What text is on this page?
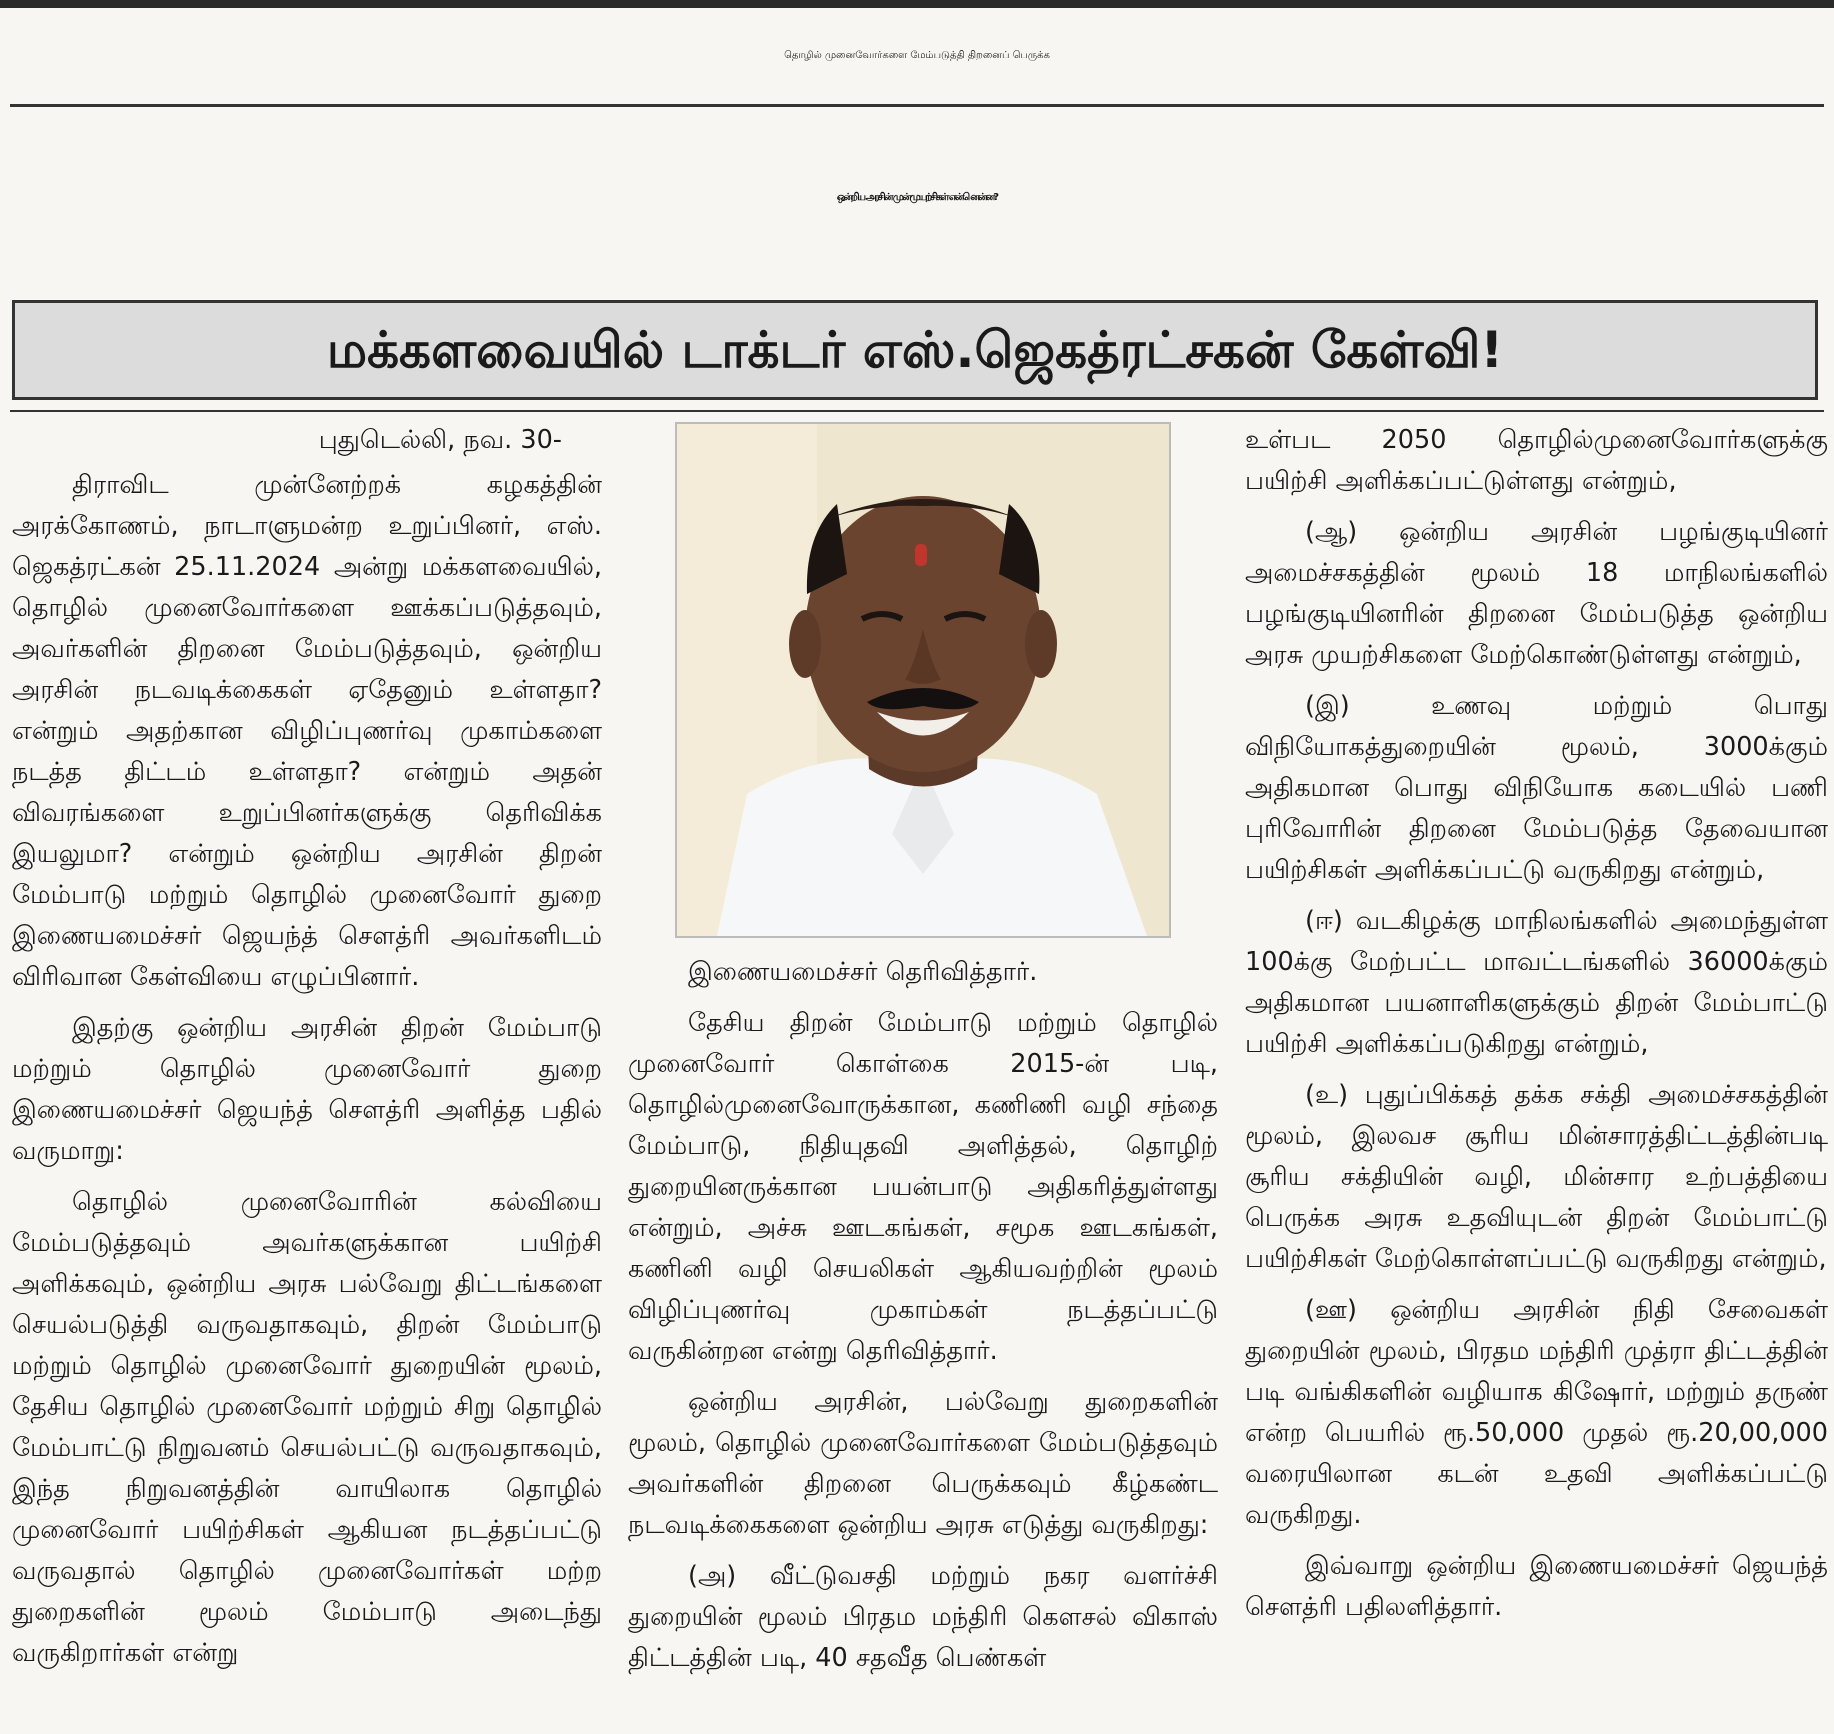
தொழில் முனைவோர்களை மேம்படுத்தி திறனைப் பெருக்க
ஒன்றிய அரசின் முன்முயற்சிகள் என்னென்ன?
மக்களவையில் டாக்டர் எஸ்.ஜெகத்ரட்சகன் கேள்வி!
புதுடெல்லி, நவ. 30-

திராவிட முன்னேற்றக் கழகத்தின் அரக்கோணம், நாடாளுமன்ற உறுப்பினர், எஸ். ஜெகத்ரட்கன் 25.11.2024 அன்று மக்களவையில், தொழில் முனைவோர்களை ஊக்கப்படுத்தவும், அவர்களின் திறனை மேம்படுத்தவும், ஒன்றிய அரசின் நடவடிக்கைகள் ஏதேனும் உள்ளதா? என்றும் அதற்கான விழிப்புணர்வு முகாம்களை நடத்த திட்டம் உள்ளதா? என்றும் அதன் விவரங்களை உறுப்பினர்களுக்கு தெரிவிக்க இயலுமா? என்றும் ஒன்றிய அரசின் திறன் மேம்பாடு மற்றும் தொழில் முனைவோர் துறை இணையமைச்சர் ஜெயந்த் சௌத்ரி அவர்களிடம் விரிவான கேள்வியை எழுப்பினார்.

இதற்கு ஒன்றிய அரசின் திறன் மேம்பாடு மற்றும் தொழில் முனைவோர் துறை இணையமைச்சர் ஜெயந்த் சௌத்ரி அளித்த பதில் வருமாறு:

தொழில் முனைவோரின் கல்வியை மேம்படுத்தவும் அவர்களுக்கான பயிற்சி அளிக்கவும், ஒன்றிய அரசு பல்வேறு திட்டங்களை செயல்படுத்தி வருவதாகவும், திறன் மேம்பாடு மற்றும் தொழில் முனைவோர் துறையின் மூலம், தேசிய தொழில் முனைவோர் மற்றும் சிறு தொழில் மேம்பாட்டு நிறுவனம் செயல்பட்டு வருவதாகவும், இந்த நிறுவனத்தின் வாயிலாக தொழில் முனைவோர் பயிற்சிகள் ஆகியன நடத்தப்பட்டு வருவதால் தொழில் முனைவோர்கள் மற்ற துறைகளின் மூலம் மேம்பாடு அடைந்து வருகிறார்கள் என்று

இணையமைச்சர் தெரிவித்தார்.

தேசிய திறன் மேம்பாடு மற்றும் தொழில் முனைவோர் கொள்கை 2015-ன் படி, தொழில்முனைவோருக்கான, கணிணி வழி சந்தை மேம்பாடு, நிதியுதவி அளித்தல், தொழிற் துறையினருக்கான பயன்பாடு அதிகரித்துள்ளது என்றும், அச்சு ஊடகங்கள், சமூக ஊடகங்கள், கணினி வழி செயலிகள் ஆகியவற்றின் மூலம் விழிப்புணர்வு முகாம்கள் நடத்தப்பட்டு வருகின்றன என்று தெரிவித்தார்.

ஒன்றிய அரசின், பல்வேறு துறைகளின் மூலம், தொழில் முனைவோர்களை மேம்படுத்தவும் அவர்களின் திறனை பெருக்கவும் கீழ்கண்ட நடவடிக்கைகளை ஒன்றிய அரசு எடுத்து வருகிறது:

(அ) வீட்டுவசதி மற்றும் நகர வளர்ச்சி துறையின் மூலம் பிரதம மந்திரி கௌசல் விகாஸ் திட்டத்தின் படி, 40 சதவீத பெண்கள்

உள்பட 2050 தொழில்முனைவோர்களுக்கு பயிற்சி அளிக்கப்பட்டுள்ளது என்றும்,

(ஆ) ஒன்றிய அரசின் பழங்குடியினர் அமைச்சகத்தின் மூலம் 18 மாநிலங்களில் பழங்குடியினரின் திறனை மேம்படுத்த ஒன்றிய அரசு முயற்சிகளை மேற்கொண்டுள்ளது என்றும்,

(இ) உணவு மற்றும் பொது விநியோகத்துறையின் மூலம், 3000க்கும் அதிகமான பொது விநியோக கடையில் பணி புரிவோரின் திறனை மேம்படுத்த தேவையான பயிற்சிகள் அளிக்கப்பட்டு வருகிறது என்றும்,

(ஈ) வடகிழக்கு மாநிலங்களில் அமைந்துள்ள 100க்கு மேற்பட்ட மாவட்டங்களில் 36000க்கும் அதிகமான பயனாளிகளுக்கும் திறன் மேம்பாட்டு பயிற்சி அளிக்கப்படுகிறது என்றும்,

(உ) புதுப்பிக்கத் தக்க சக்தி அமைச்சகத்தின் மூலம், இலவச சூரிய மின்சாரத்திட்டத்தின்படி சூரிய சக்தியின் வழி, மின்சார உற்பத்தியை பெருக்க அரசு உதவியுடன் திறன் மேம்பாட்டு பயிற்சிகள் மேற்கொள்ளப்பட்டு வருகிறது என்றும்,

(ஊ) ஒன்றிய அரசின் நிதி சேவைகள் துறையின் மூலம், பிரதம மந்திரி முத்ரா திட்டத்தின் படி வங்கிகளின் வழியாக கிஷோர், மற்றும் தருண் என்ற பெயரில் ரூ.50,000 முதல் ரூ.20,00,000 வரையிலான கடன் உதவி அளிக்கப்பட்டு வருகிறது.

இவ்வாறு ஒன்றிய இணையமைச்சர் ஜெயந்த் சௌத்ரி பதிலளித்தார்.
